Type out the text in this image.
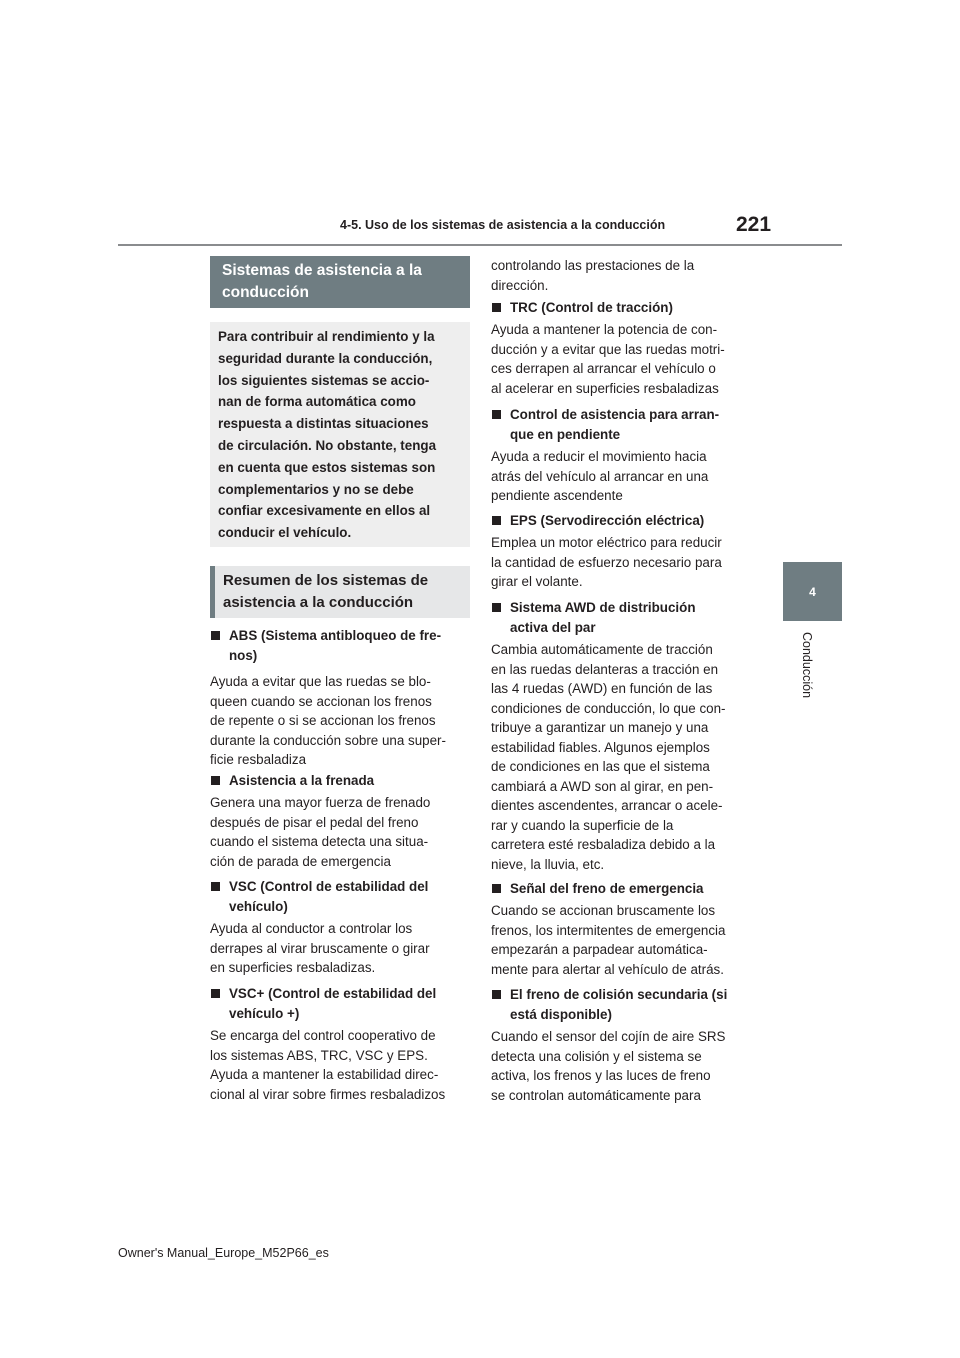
4-5. Uso de los sistemas de asistencia a la conducción	221
4
Conducción
Sistemas de asistencia a la conducción
Para contribuir al rendimiento y la
seguridad durante la conducción,
los siguientes sistemas se accio-
nan de forma automática como
respuesta a distintas situaciones
de circulación. No obstante, tenga
en cuenta que estos sistemas son
complementarios y no se debe
confiar excesivamente en ellos al
conducir el vehículo.
Resumen de los sistemas de asistencia a la conducción
ABS (Sistema antibloqueo de fre-
nos)
Ayuda a evitar que las ruedas se blo-
queen cuando se accionan los frenos
de repente o si se accionan los frenos
durante la conducción sobre una super-
ficie resbaladiza
Asistencia a la frenada
Genera una mayor fuerza de frenado
después de pisar el pedal del freno
cuando el sistema detecta una situa-
ción de parada de emergencia
VSC (Control de estabilidad del
vehículo)
Ayuda al conductor a controlar los
derrapes al virar bruscamente o girar
en superficies resbaladizas.
VSC+ (Control de estabilidad del
vehículo +)
Se encarga del control cooperativo de
los sistemas ABS, TRC, VSC y EPS.
Ayuda a mantener la estabilidad direc-
cional al virar sobre firmes resbaladizos
controlando las prestaciones de la
dirección.
TRC (Control de tracción)
Ayuda a mantener la potencia de con-
ducción y a evitar que las ruedas motri-
ces derrapen al arrancar el vehículo o
al acelerar en superficies resbaladizas
Control de asistencia para arran-
que en pendiente
Ayuda a reducir el movimiento hacia
atrás del vehículo al arrancar en una
pendiente ascendente
EPS (Servodirección eléctrica)
Emplea un motor eléctrico para reducir
la cantidad de esfuerzo necesario para
girar el volante.
Sistema AWD de distribución
activa del par
Cambia automáticamente de tracción
en las ruedas delanteras a tracción en
las 4 ruedas (AWD) en función de las
condiciones de conducción, lo que con-
tribuye a garantizar un manejo y una
estabilidad fiables. Algunos ejemplos
de condiciones en las que el sistema
cambiará a AWD son al girar, en pen-
dientes ascendentes, arrancar o acele-
rar y cuando la superficie de la
carretera esté resbaladiza debido a la
nieve, la lluvia, etc.
Señal del freno de emergencia
Cuando se accionan bruscamente los
frenos, los intermitentes de emergencia
empezarán a parpadear automática-
mente para alertar al vehículo de atrás.
El freno de colisión secundaria (si
está disponible)
Cuando el sensor del cojín de aire SRS
detecta una colisión y el sistema se
activa, los frenos y las luces de freno
se controlan automáticamente para
Owner's Manual_Europe_M52P66_es
